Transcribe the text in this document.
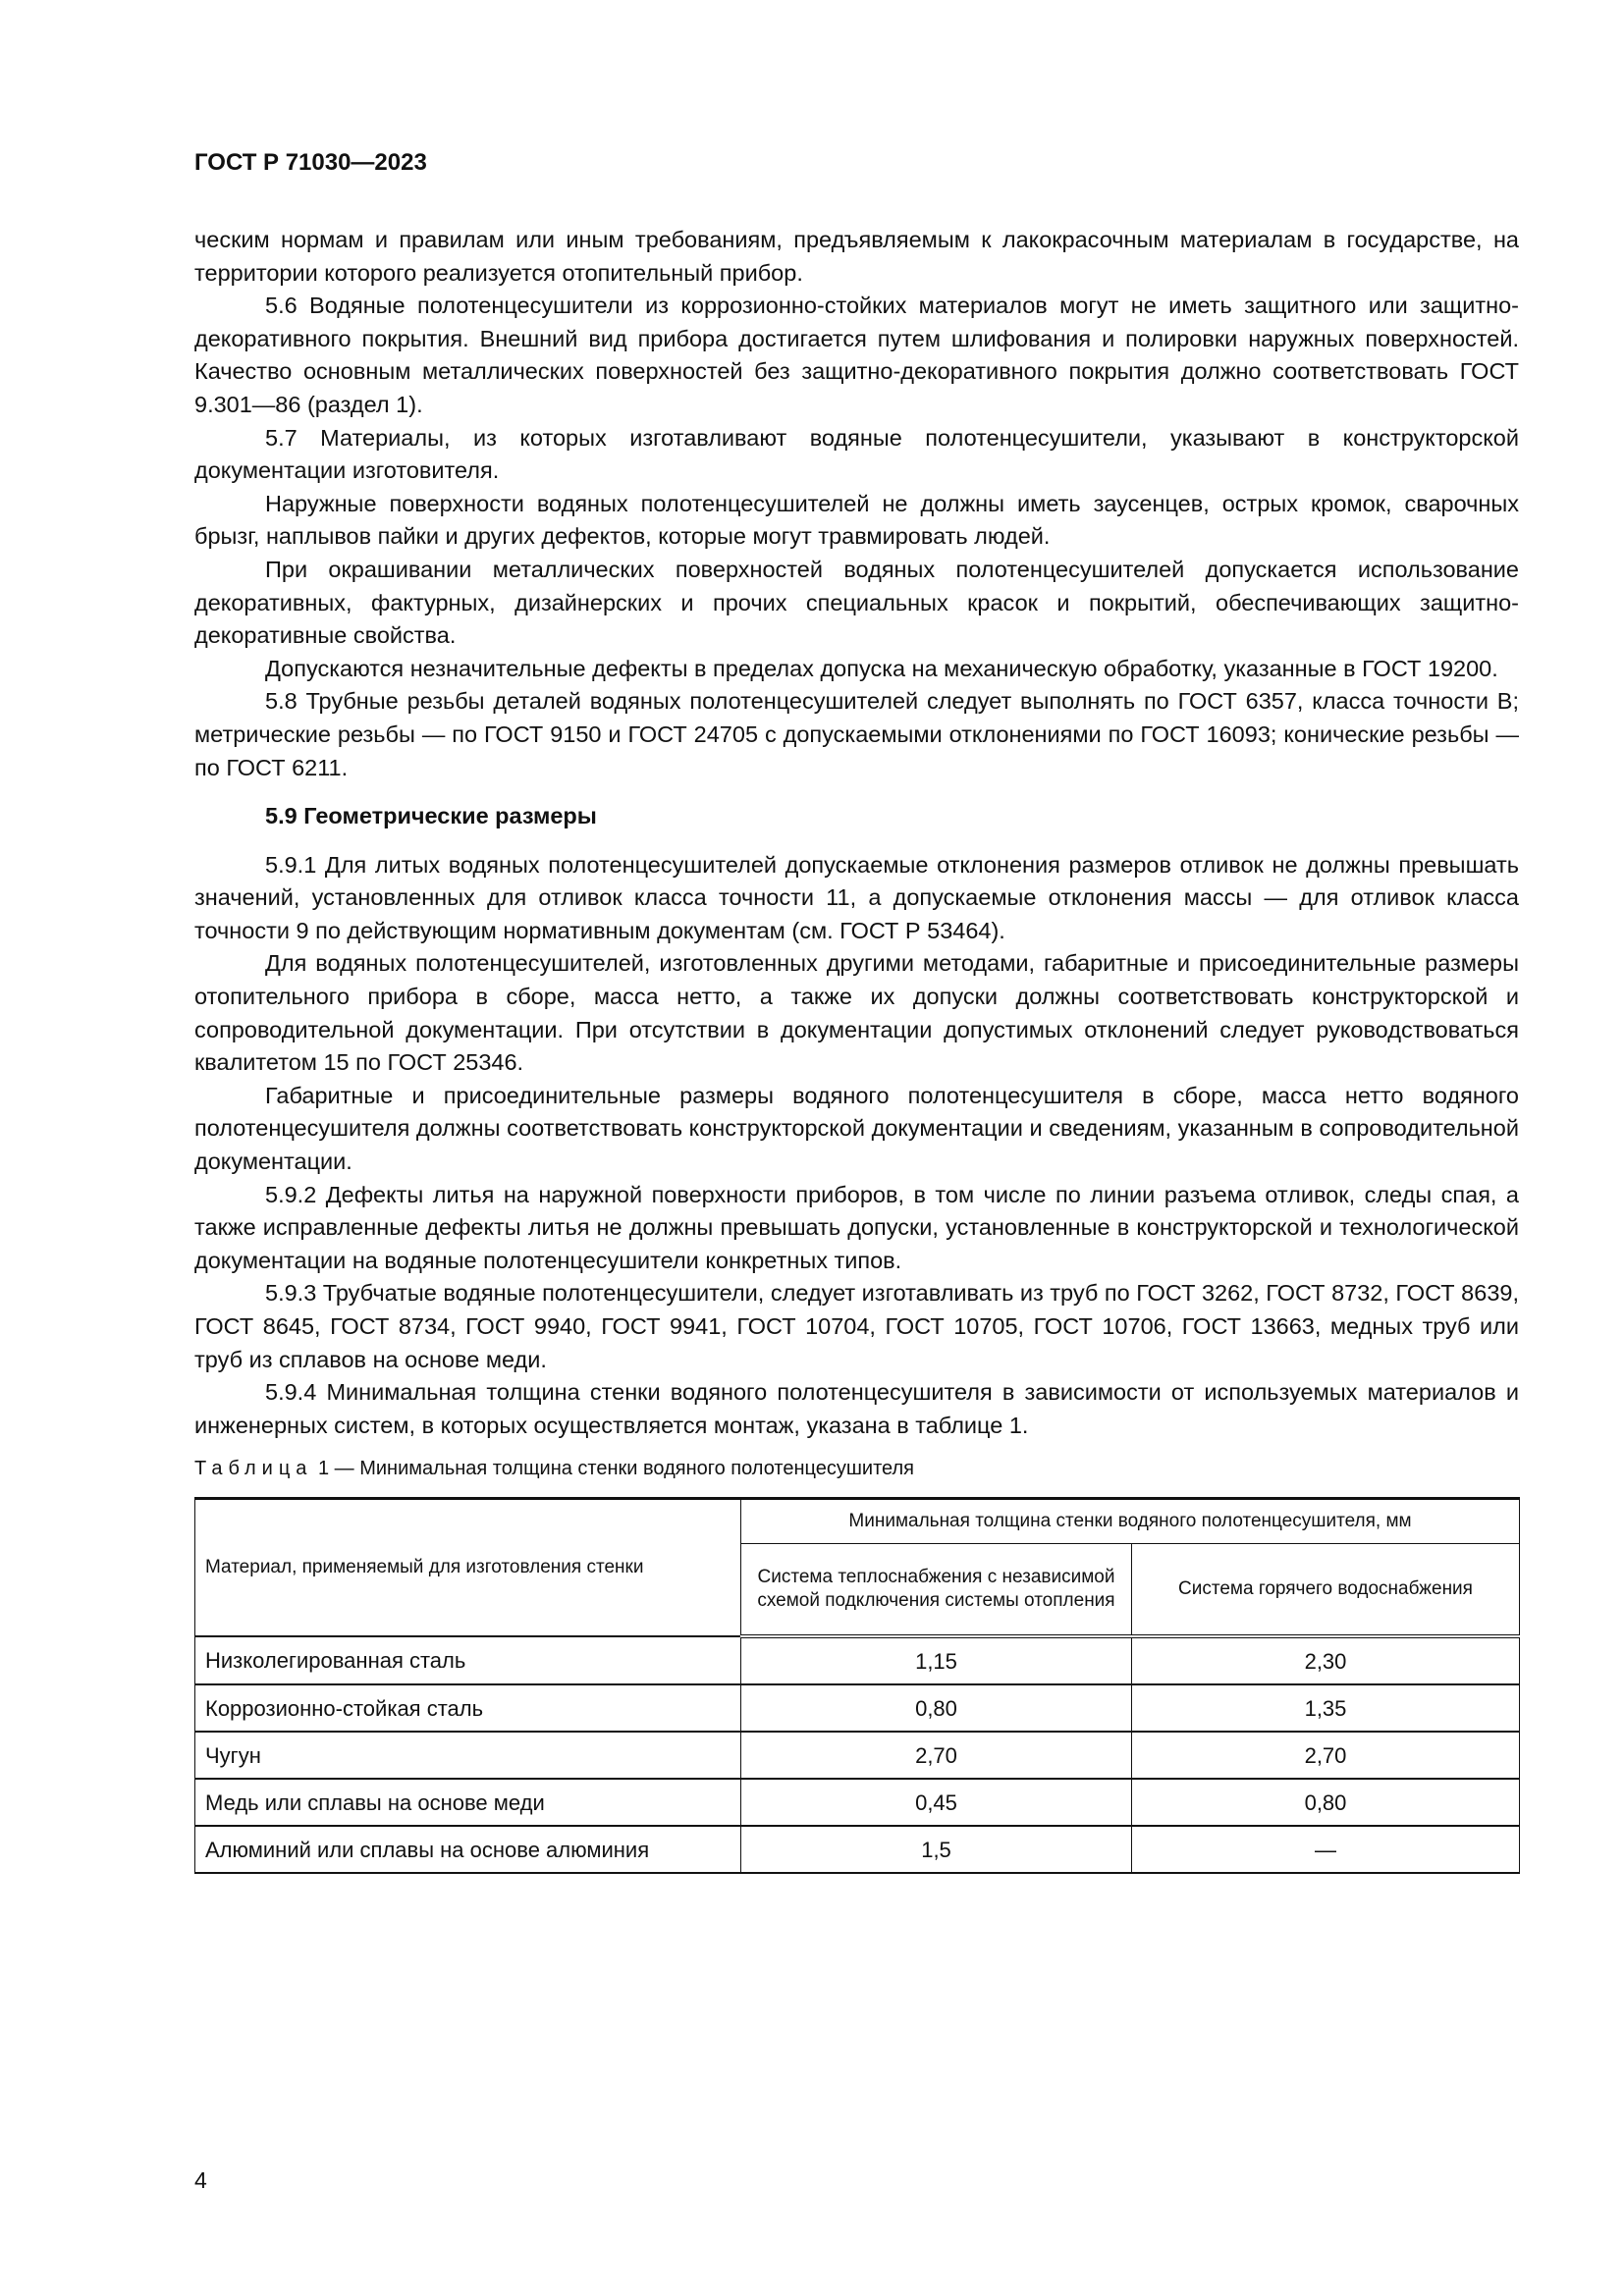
ГОСТ Р 71030—2023

ческим нормам и правилам или иным требованиям, предъявляемым к лакокрасочным материалам в государстве, на территории которого реализуется отопительный прибор.

5.6 Водяные полотенцесушители из коррозионно-стойких материалов могут не иметь защитного или защитно-декоративного покрытия. Внешний вид прибора достигается путем шлифования и полировки наружных поверхностей. Качество основным металлических поверхностей без защитно-декоративного покрытия должно соответствовать ГОСТ 9.301—86 (раздел 1).

5.7 Материалы, из которых изготавливают водяные полотенцесушители, указывают в конструкторской документации изготовителя.

Наружные поверхности водяных полотенцесушителей не должны иметь заусенцев, острых кромок, сварочных брызг, наплывов пайки и других дефектов, которые могут травмировать людей.

При окрашивании металлических поверхностей водяных полотенцесушителей допускается использование декоративных, фактурных, дизайнерских и прочих специальных красок и покрытий, обеспечивающих защитно-декоративные свойства.

Допускаются незначительные дефекты в пределах допуска на механическую обработку, указанные в ГОСТ 19200.

5.8 Трубные резьбы деталей водяных полотенцесушителей следует выполнять по ГОСТ 6357, класса точности В; метрические резьбы — по ГОСТ 9150 и ГОСТ 24705 с допускаемыми отклонениями по ГОСТ 16093; конические резьбы — по ГОСТ 6211.

5.9 Геометрические размеры

5.9.1 Для литых водяных полотенцесушителей допускаемые отклонения размеров отливок не должны превышать значений, установленных для отливок класса точности 11, а допускаемые отклонения массы — для отливок класса точности 9 по действующим нормативным документам (см. ГОСТ Р 53464).

Для водяных полотенцесушителей, изготовленных другими методами, габаритные и присоединительные размеры отопительного прибора в сборе, масса нетто, а также их допуски должны соответствовать конструкторской и сопроводительной документации. При отсутствии в документации допустимых отклонений следует руководствоваться квалитетом 15 по ГОСТ 25346.

Габаритные и присоединительные размеры водяного полотенцесушителя в сборе, масса нетто водяного полотенцесушителя должны соответствовать конструкторской документации и сведениям, указанным в сопроводительной документации.

5.9.2 Дефекты литья на наружной поверхности приборов, в том числе по линии разъема отливок, следы спая, а также исправленные дефекты литья не должны превышать допуски, установленные в конструкторской и технологической документации на водяные полотенцесушители конкретных типов.

5.9.3 Трубчатые водяные полотенцесушители, следует изготавливать из труб по ГОСТ 3262, ГОСТ 8732, ГОСТ 8639, ГОСТ 8645, ГОСТ 8734, ГОСТ 9940, ГОСТ 9941, ГОСТ 10704, ГОСТ 10705, ГОСТ 10706, ГОСТ 13663, медных труб или труб из сплавов на основе меди.

5.9.4 Минимальная толщина стенки водяного полотенцесушителя в зависимости от используемых материалов и инженерных систем, в которых осуществляется монтаж, указана в таблице 1.

Таблица 1 — Минимальная толщина стенки водяного полотенцесушителя
Материал, применяемый для изготовления стенки	Минимальная толщина стенки водяного полотенцесушителя, мм	
	Система теплоснабжения с независимой схемой подключения системы отопления	Система горячего водоснабжения
Низколегированная сталь	1,15	2,30
Коррозионно-стойкая сталь	0,80	1,35
Чугун	2,70	2,70
Медь или сплавы на основе меди	0,45	0,80
Алюминий или сплавы на основе алюминия	1,5	—
4
